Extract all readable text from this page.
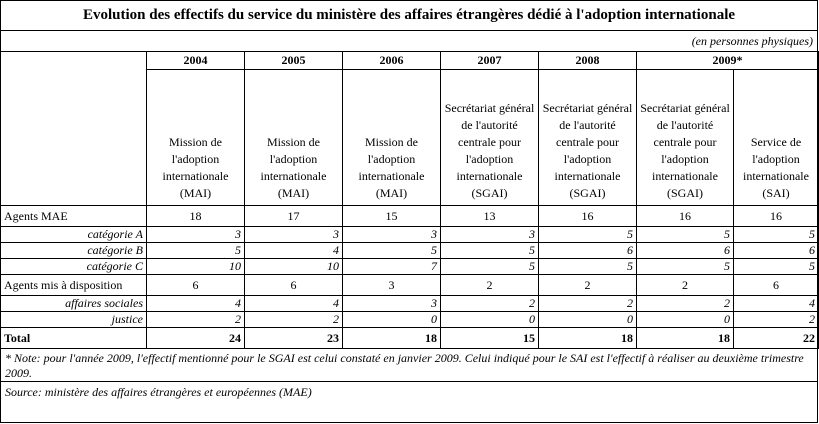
Evolution des effectifs du service du ministère des affaires étrangères dédié à l'adoption internationale
(en personnes physiques)
	2004	2005	2006	2007	2008	2009*	
	Mission de l'adoption internationale (MAI)	Mission de l'adoption internationale (MAI)	Mission de l'adoption internationale (MAI)	Secrétariat général de l'autorité centrale pour l'adoption internationale (SGAI)	Secrétariat général de l'autorité centrale pour l'adoption internationale (SGAI)	Secrétariat général de l'autorité centrale pour l'adoption internationale (SGAI)	Service de l'adoption internationale (SAI)
Agents MAE	18	17	15	13	16	16	16
catégorie A	3	3	3	3	5	5	5
catégorie B	5	4	5	5	6	6	6
catégorie C	10	10	7	5	5	5	5
Agents mis à disposition	6	6	3	2	2	2	6
affaires sociales	4	4	3	2	2	2	4
justice	2	2	0	0	0	0	2
Total	24	23	18	15	18	18	22
* Note: pour l'année 2009, l'effectif mentionné pour le SGAI est celui constaté en janvier 2009. Celui indiqué pour le SAI est l'effectif à réaliser au deuxième trimestre 2009.
Source: ministère des affaires étrangères et européennes (MAE)
